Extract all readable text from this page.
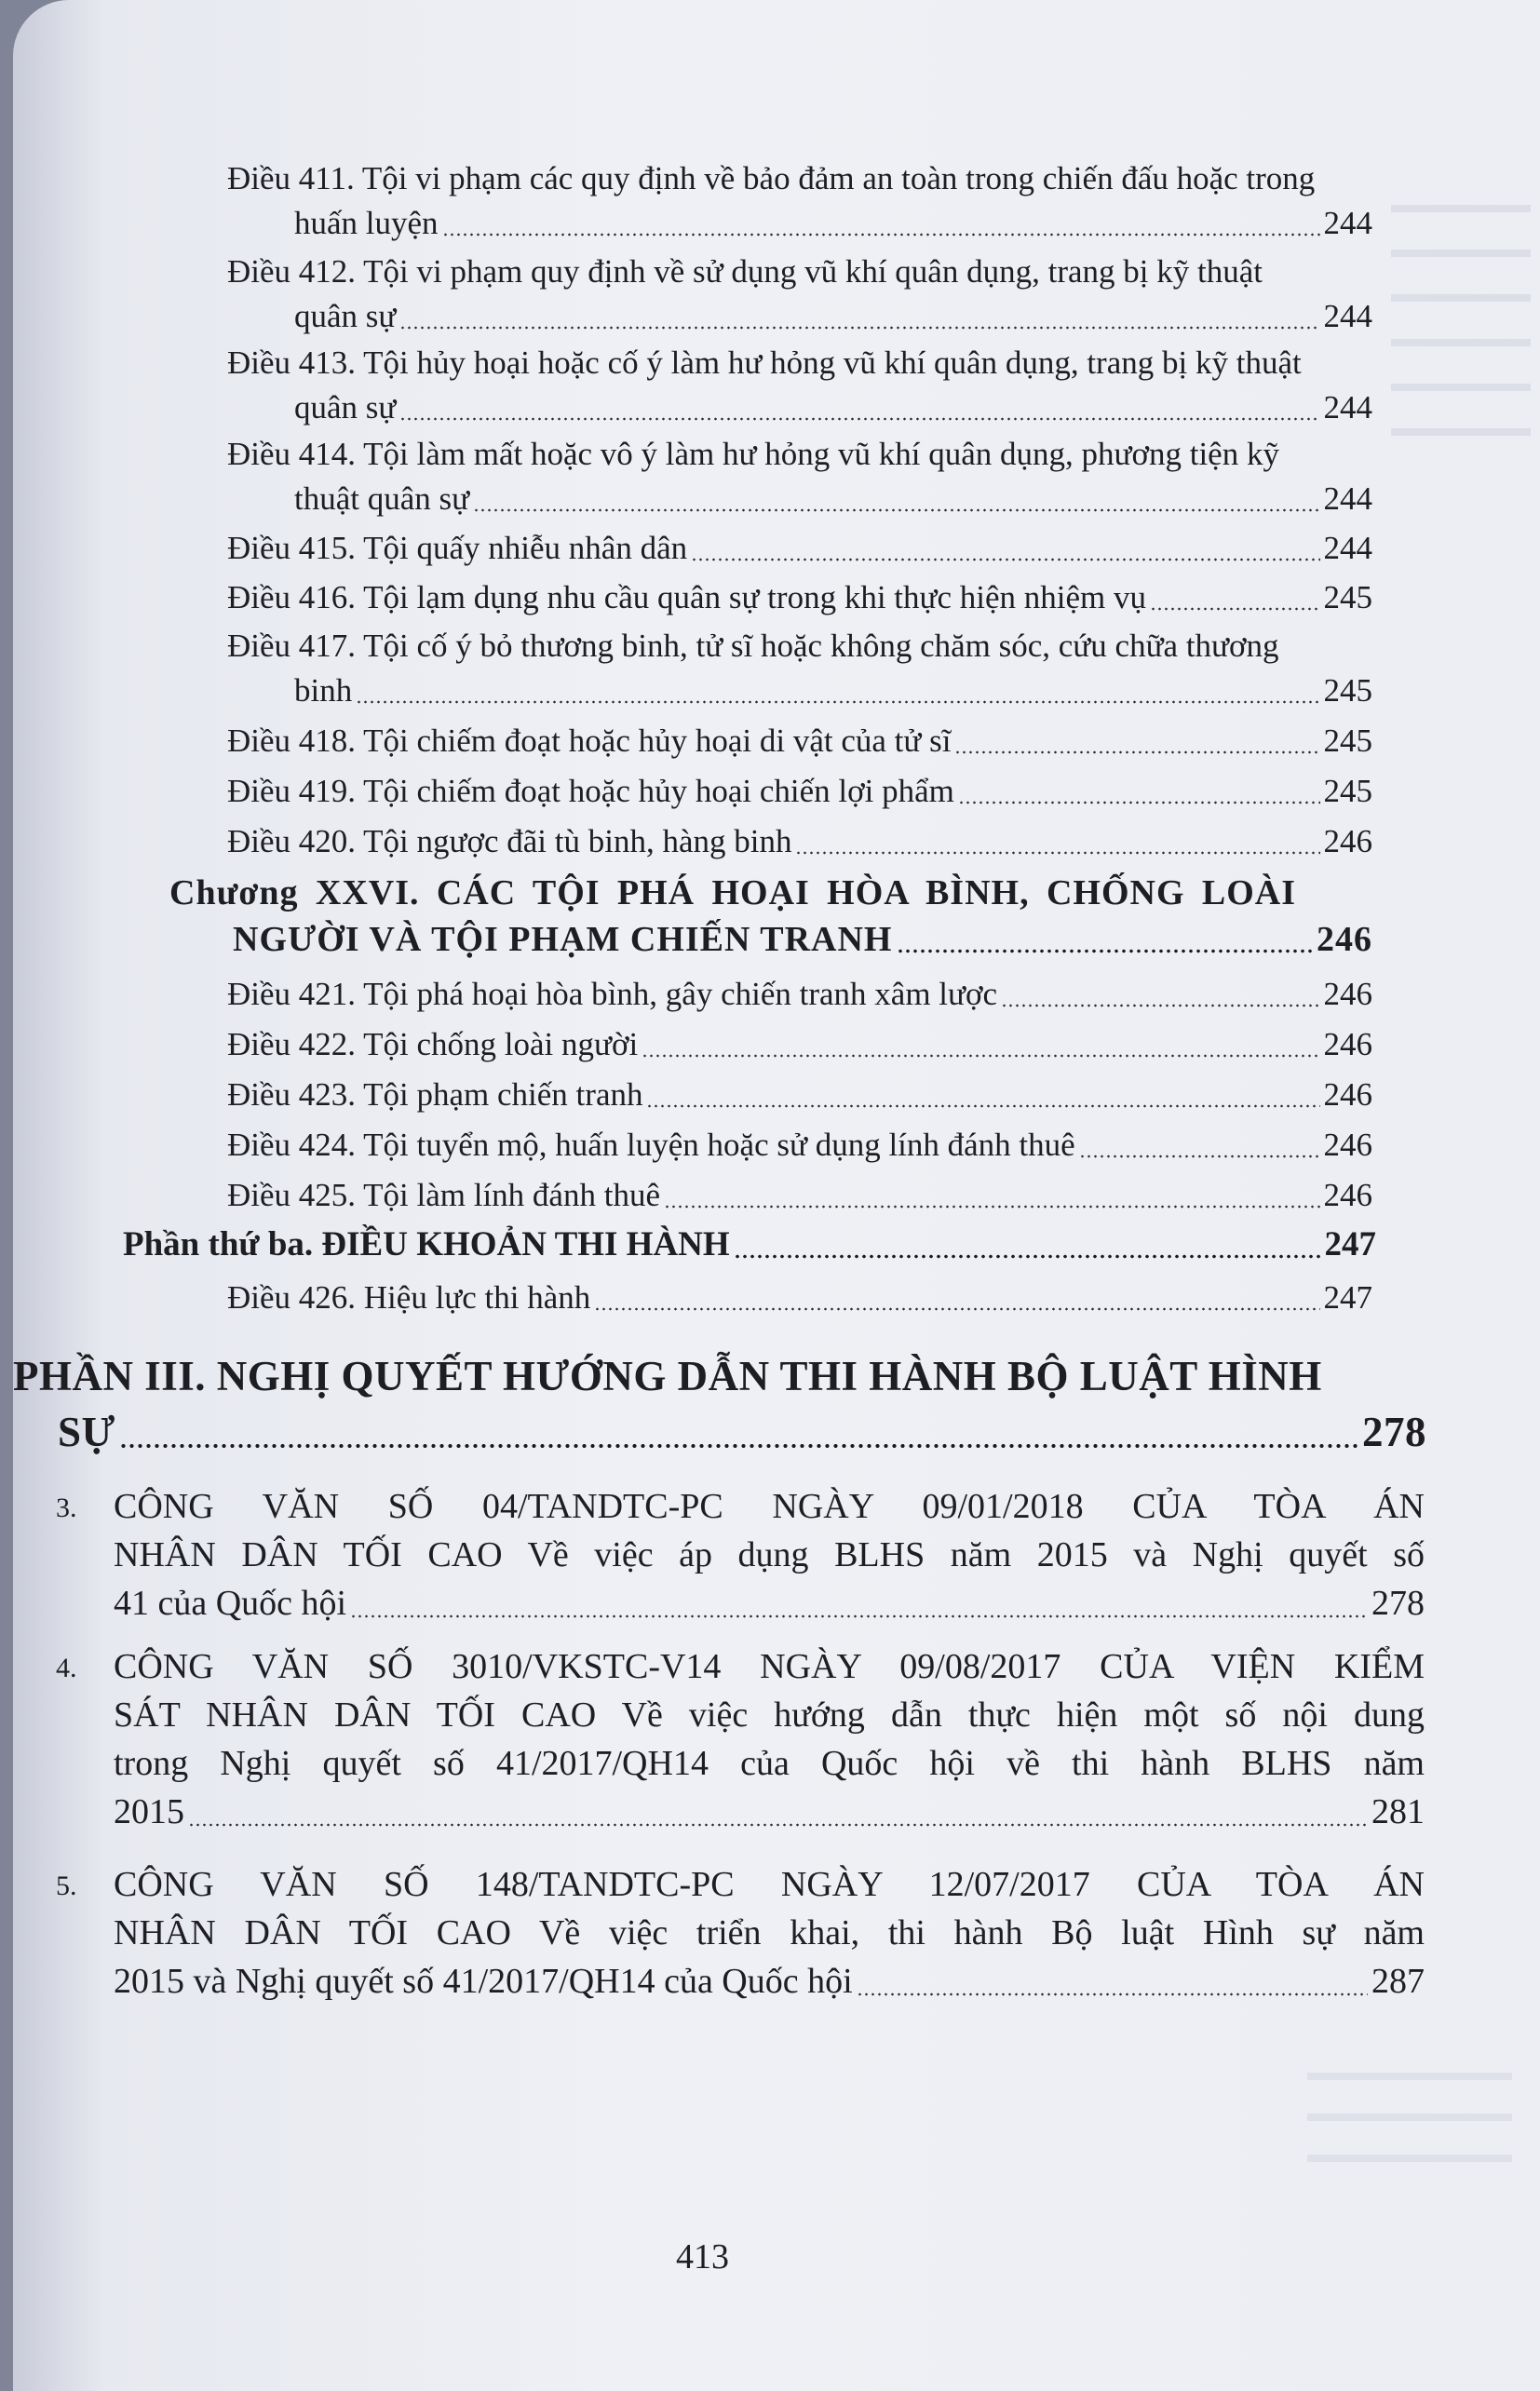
Điều 411. Tội vi phạm các quy định về bảo đảm an toàn trong chiến đấu hoặc trong
huấn luyện	244
Điều 412. Tội vi phạm quy định về sử dụng vũ khí quân dụng, trang bị kỹ thuật
quân sự	244
Điều 413. Tội hủy hoại hoặc cố ý làm hư hỏng vũ khí quân dụng, trang bị kỹ thuật
quân sự	244
Điều 414. Tội làm mất hoặc vô ý làm hư hỏng vũ khí quân dụng, phương tiện kỹ
thuật quân sự	244
Điều 415. Tội quấy nhiễu nhân dân	244
Điều 416. Tội lạm dụng nhu cầu quân sự trong khi thực hiện nhiệm vụ	245
Điều 417. Tội cố ý bỏ thương binh, tử sĩ hoặc không chăm sóc, cứu chữa thương
binh	245
Điều 418. Tội chiếm đoạt hoặc hủy hoại di vật của tử sĩ	245
Điều 419. Tội chiếm đoạt hoặc hủy hoại chiến lợi phẩm	245
Điều 420. Tội ngược đãi tù binh, hàng binh	246
Chương XXVI. CÁC TỘI PHÁ HOẠI HÒA BÌNH, CHỐNG LOÀI
NGƯỜI VÀ TỘI PHẠM CHIẾN TRANH	246
Điều 421. Tội phá hoại hòa bình, gây chiến tranh xâm lược	246
Điều 422. Tội chống loài người	246
Điều 423. Tội phạm chiến tranh	246
Điều 424. Tội tuyển mộ, huấn luyện hoặc sử dụng lính đánh thuê	246
Điều 425. Tội làm lính đánh thuê	246
Phần thứ ba. ĐIỀU KHOẢN THI HÀNH	247
Điều 426. Hiệu lực thi hành	247
PHẦN III. NGHỊ QUYẾT HƯỚNG DẪN THI HÀNH BỘ LUẬT HÌNH
SỰ	278
3. CÔNG VĂN SỐ 04/TANDTC-PC NGÀY 09/01/2018 CỦA TÒA ÁN
NHÂN DÂN TỐI CAO Về việc áp dụng BLHS năm 2015 và Nghị quyết số
41 của Quốc hội	278
4. CÔNG VĂN SỐ 3010/VKSTC-V14 NGÀY 09/08/2017 CỦA VIỆN KIỂM
SÁT NHÂN DÂN TỐI CAO Về việc hướng dẫn thực hiện một số nội dung
trong Nghị quyết số 41/2017/QH14 của Quốc hội về thi hành BLHS năm
2015	281
5. CÔNG VĂN SỐ 148/TANDTC-PC NGÀY 12/07/2017 CỦA TÒA ÁN
NHÂN DÂN TỐI CAO Về việc triển khai, thi hành Bộ luật Hình sự năm
2015 và Nghị quyết số 41/2017/QH14 của Quốc hội	287
413
